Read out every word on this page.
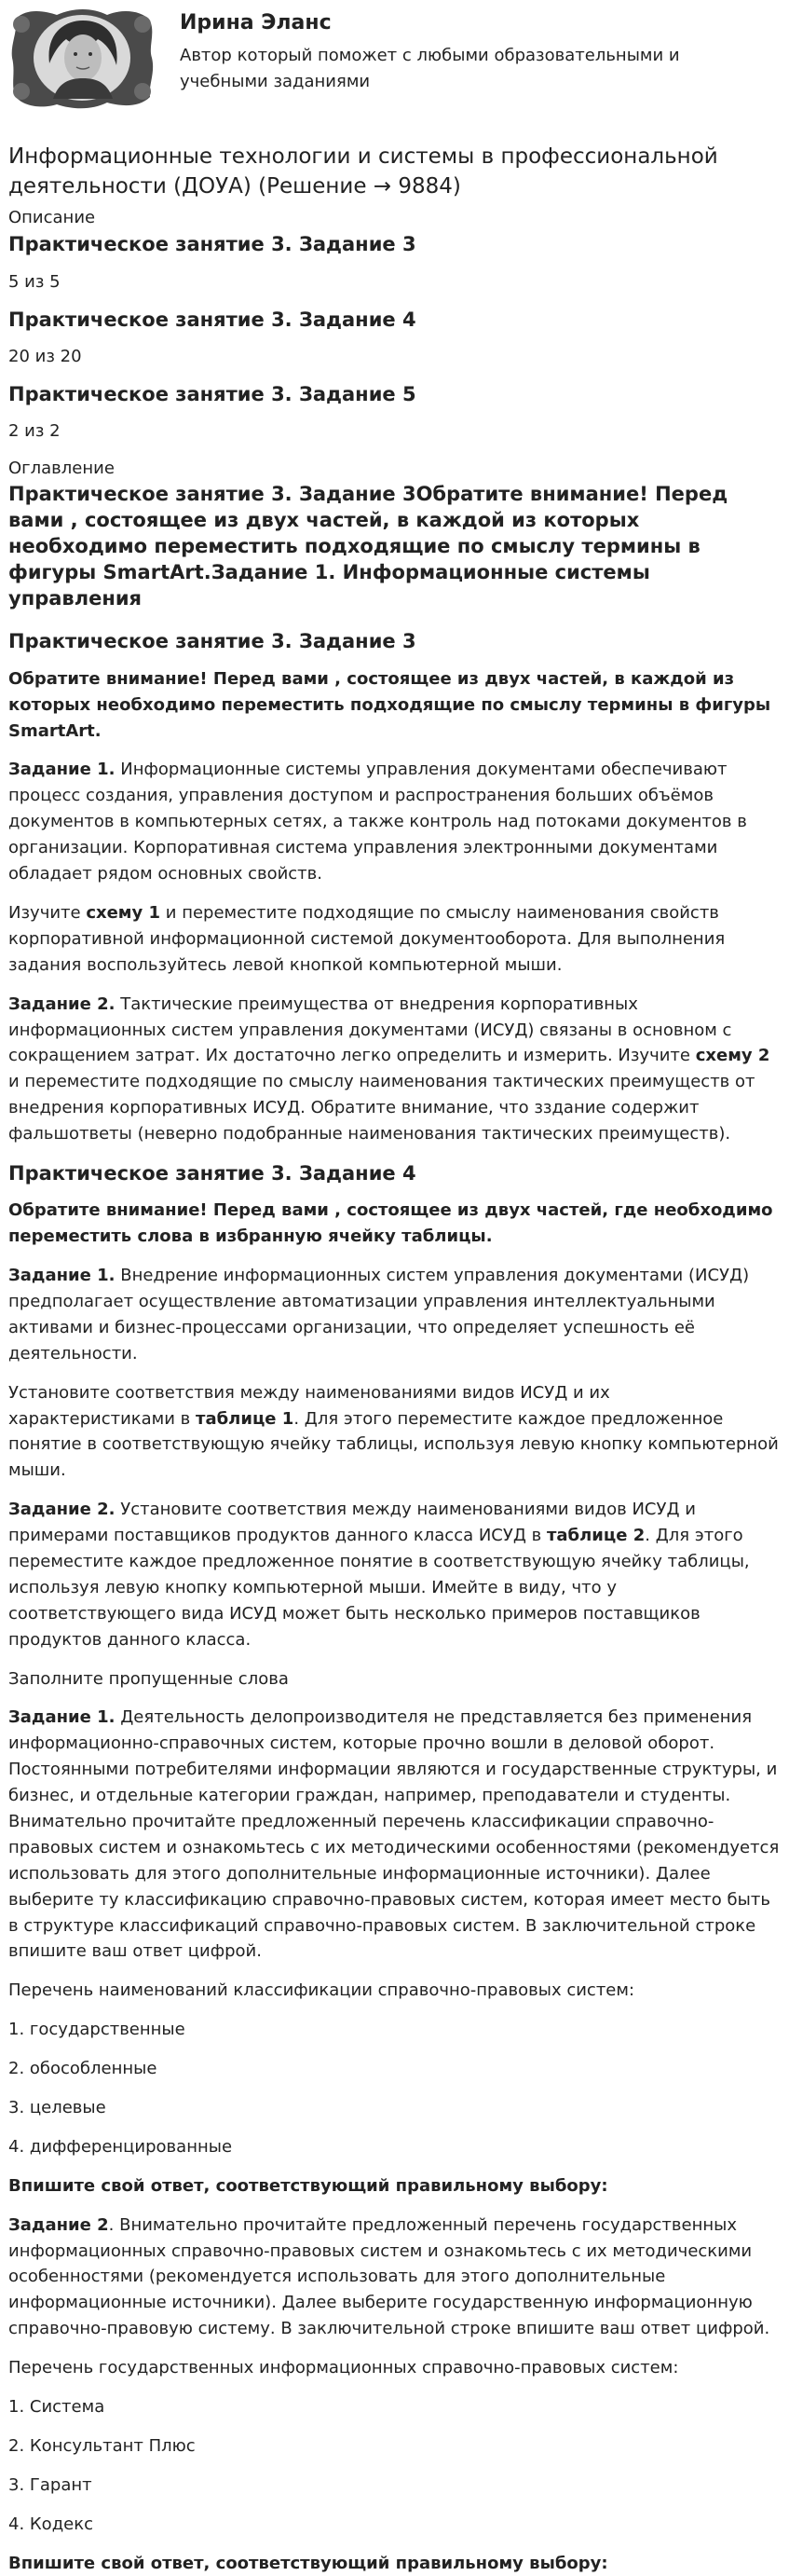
Ирина Эланс
Автор который поможет с любыми образовательными и учебными заданиями
Информационные технологии и системы в профессиональной деятельности (ДОУА) (Решение → 9884)
Описание
Практическое занятие 3. Задание 3
5 из 5
Практическое занятие 3. Задание 4
20 из 20
Практическое занятие 3. Задание 5
2 из 2
Оглавление
Практическое занятие 3. Задание 3Обратите внимание! Перед вами , состоящее из двух частей, в каждой из которых необходимо переместить подходящие по смыслу термины в фигуры SmartArt.Задание 1. Информационные системы управления
Практическое занятие 3. Задание 3

Обратите внимание! Перед вами , состоящее из двух частей, в каждой из которых необходимо переместить подходящие по смыслу термины в фигуры SmartArt.

Задание 1. Информационные системы управления документами обеспечивают процесс создания, управления доступом и распространения больших объёмов документов в компьютерных сетях, а также контроль над потоками документов в организации. Корпоративная система управления электронными документами обладает рядом основных свойств.

Изучите схему 1 и переместите подходящие по смыслу наименования свойств корпоративной информационной системой документооборота. Для выполнения задания воспользуйтесь левой кнопкой компьютерной мыши.

Задание 2. Тактические преимущества от внедрения корпоративных информационных систем управления документами (ИСУД) связаны в основном с сокращением затрат. Их достаточно легко определить и измерить. Изучите схему 2 и переместите подходящие по смыслу наименования тактических преимуществ от внедрения корпоративных ИСУД. Обратите внимание, что зздание содержит фальшответы (неверно подобранные наименования тактических преимуществ).

Практическое занятие 3. Задание 4

Обратите внимание! Перед вами , состоящее из двух частей, где необходимо переместить слова в избранную ячейку таблицы.

Задание 1. Внедрение информационных систем управления документами (ИСУД) предполагает осуществление автоматизации управления интеллектуальными активами и бизнес-процессами организации, что определяет успешность её деятельности.

Установите соответствия между наименованиями видов ИСУД и их характеристиками в таблице 1. Для этого переместите каждое предложенное понятие в соответствующую ячейку таблицы, используя левую кнопку компьютерной мыши.

Задание 2. Установите соответствия между наименованиями видов ИСУД и примерами поставщиков продуктов данного класса ИСУД в таблице 2. Для этого переместите каждое предложенное понятие в соответствующую ячейку таблицы, используя левую кнопку компьютерной мыши. Имейте в виду, что у соответствующего вида ИСУД может быть несколько примеров поставщиков продуктов данного класса.

Заполните пропущенные слова

Задание 1. Деятельность делопроизводителя не представляется без применения информационно-справочных систем, которые прочно вошли в деловой оборот. Постоянными потребителями информации являются и государственные структуры, и бизнес, и отдельные категории граждан, например, преподаватели и студенты. Внимательно прочитайте предложенный перечень классификации справочно-правовых систем и ознакомьтесь с их методическими особенностями (рекомендуется использовать для этого дополнительные информационные источники). Далее выберите ту классификацию справочно-правовых систем, которая имеет место быть в структуре классификаций справочно-правовых систем. В заключительной строке впишите ваш ответ цифрой.

Перечень наименований классификации справочно-правовых систем:

1. государственные
2. обособленные
3. целевые
4. дифференцированные

Впишите свой ответ, соответствующий правильному выбору:

Задание 2. Внимательно прочитайте предложенный перечень государственных информационных справочно-правовых систем и ознакомьтесь с их методическими особенностями (рекомендуется использовать для этого дополнительные информационные источники). Далее выберите государственную информационную справочно-правовую систему. В заключительной строке впишите ваш ответ цифрой.

Перечень государственных информационных справочно-правовых систем:

1. Система
2. Консультант Плюс
3. Гарант
4. Кодекс

Впишите свой ответ, соответствующий правильному выбору:
